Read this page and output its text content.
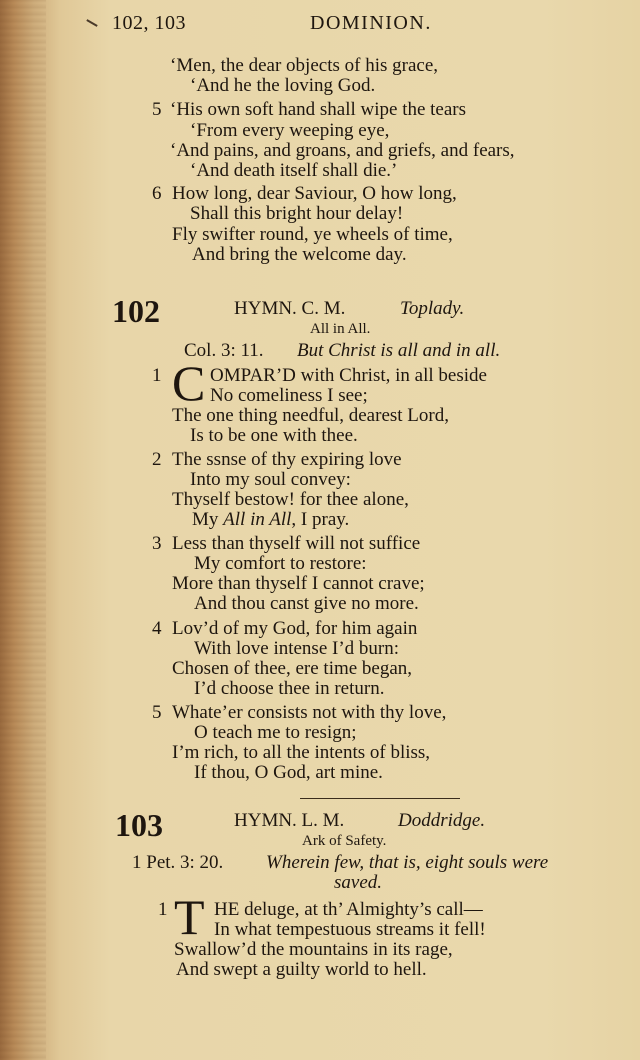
102, 103	DOMINION.
‘Men, the dear objects of his grace,
‘And he the loving God.
5 ‘His own soft hand shall wipe the tears
‘From every weeping eye,
‘And pains, and groans, and griefs, and fears,
‘And death itself shall die.’
6 How long, dear Saviour, O how long,
Shall this bright hour delay!
Fly swifter round, ye wheels of time,
And bring the welcome day.
102	HYMN. C. M.	Toplady.
All in All.
Col. 3: 11. But Christ is all and in all.
1 C OMPAR’D with Christ, in all beside
No comeliness I see;
The one thing needful, dearest Lord,
Is to be one with thee.
2 The ssnse of thy expiring love
Into my soul convey:
Thyself bestow! for thee alone,
My All in All, I pray.
3 Less than thyself will not suffice
My comfort to restore:
More than thyself I cannot crave;
And thou canst give no more.
4 Lov’d of my God, for him again
With love intense I’d burn:
Chosen of thee, ere time began,
I’d choose thee in return.
5 Whate’er consists not with thy love,
O teach me to resign;
I’m rich, to all the intents of bliss,
If thou, O God, art mine.
103	HYMN. L. M.	Doddridge.
Ark of Safety.
1 Pet. 3: 20. Wherein few, that is, eight souls were
saved.
1 T HE deluge, at th’ Almighty’s call—
In what tempestuous streams it fell!
Swallow’d the mountains in its rage,
And swept a guilty world to hell.
